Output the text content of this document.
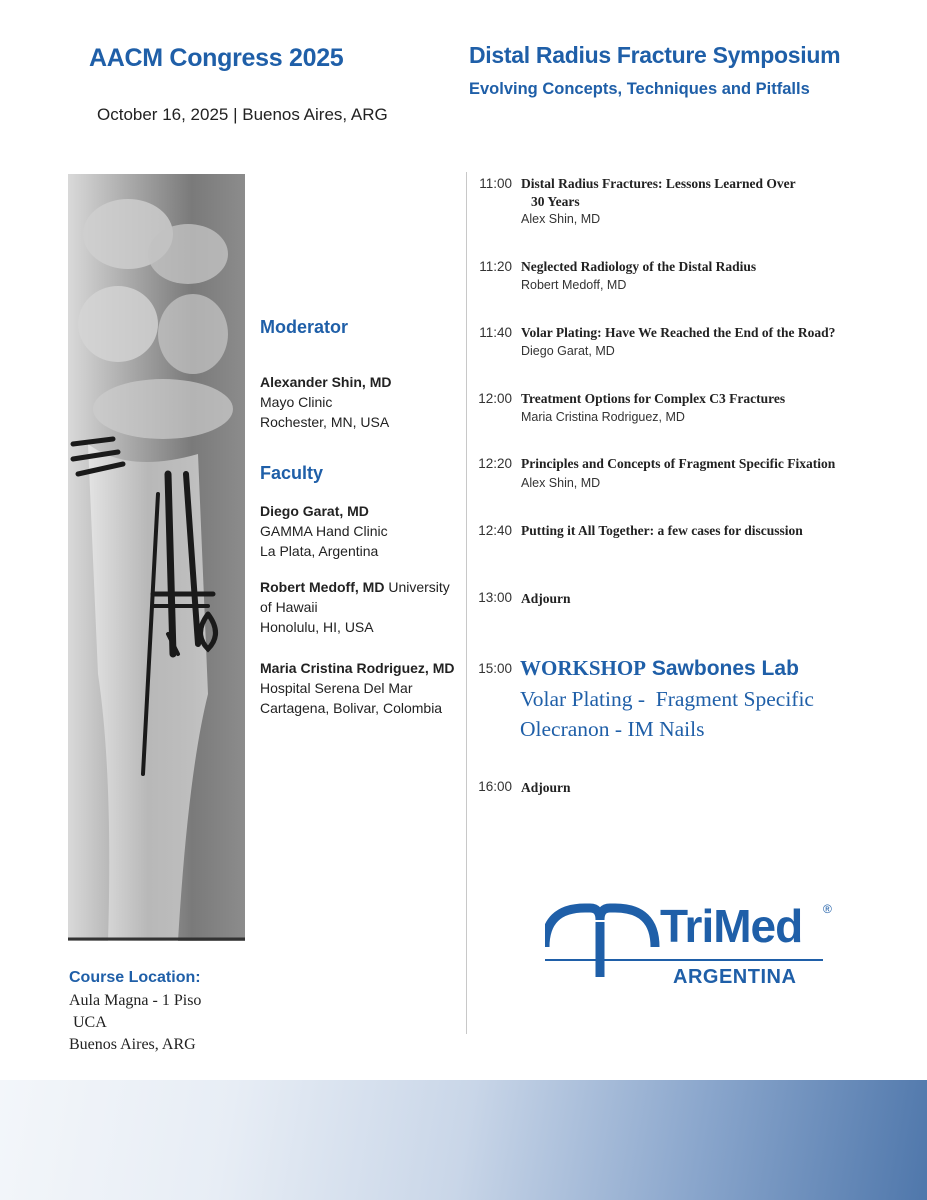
AACM Congress 2025
October 16, 2025 | Buenos Aires, ARG
Distal Radius Fracture Symposium
Evolving Concepts, Techniques and Pitfalls
Moderator
Alexander Shin, MD
Mayo Clinic
Rochester, MN, USA
Faculty
Diego Garat, MD
GAMMA Hand Clinic
La Plata, Argentina
Robert Medoff, MD University
of Hawaii
Honolulu, HI, USA
Maria Cristina Rodriguez, MD
Hospital Serena Del Mar
Cartagena, Bolivar, Colombia
11:00 Distal Radius Fractures: Lessons Learned Over
30 Years
Alex Shin, MD
11:20 Neglected Radiology of the Distal Radius
Robert Medoff, MD
11:40 Volar Plating: Have We Reached the End of the Road?
Diego Garat, MD
12:00 Treatment Options for Complex C3 Fractures
Maria Cristina Rodriguez, MD
12:20 Principles and Concepts of Fragment Specific Fixation
Alex Shin, MD
12:40 Putting it All Together: a few cases for discussion
13:00 Adjourn
15:00
16:00 Adjourn
WORKSHOP Sawbones Lab
Volar Plating -  Fragment Specific
Olecranon - IM Nails
TriMed ®
ARGENTINA
Course Location:
Aula Magna - 1 Piso
UCA
Buenos Aires, ARG
